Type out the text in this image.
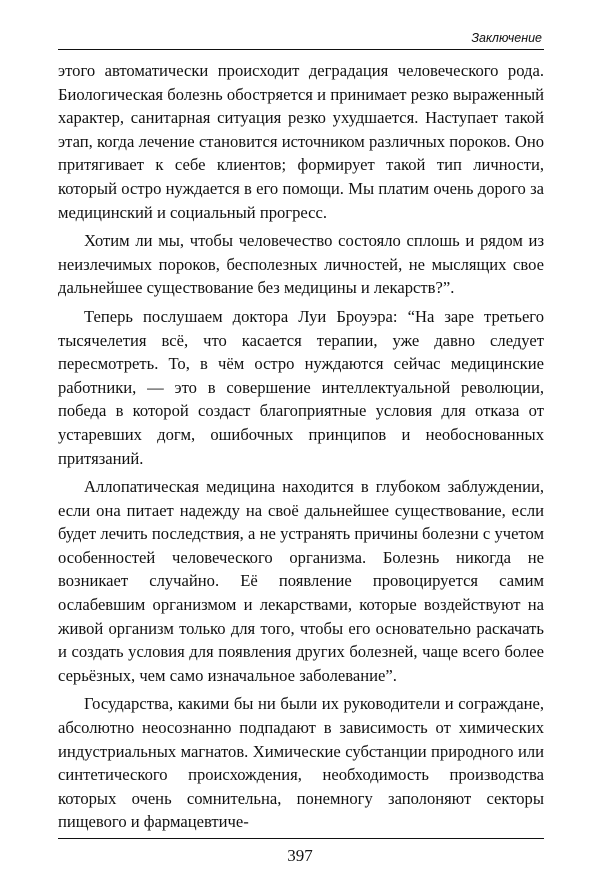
Заключение

этого автоматически происходит деградация человеческого рода. Биологическая болезнь обостряется и принимает резко выраженный характер, санитарная ситуация резко ухудшается. Наступает такой этап, когда лечение становится источником различных пороков. Оно притягивает к себе клиентов; формирует такой тип личности, который остро нуждается в его помощи. Мы платим очень дорого за медицинский и социальный прогресс.

Хотим ли мы, чтобы человечество состояло сплошь и рядом из неизлечимых пороков, бесполезных личностей, не мыслящих свое дальнейшее существование без медицины и лекарств?”.

Теперь послушаем доктора Луи Броуэра: “На заре третьего тысячелетия всё, что касается терапии, уже давно следует пересмотреть. То, в чём остро нуждаются сейчас медицинские работники, — это в совершение интеллектуальной революции, победа в которой создаст благоприятные условия для отказа от устаревших догм, ошибочных принципов и необоснованных притязаний.

Аллопатическая медицина находится в глубоком заблуждении, если она питает надежду на своё дальнейшее существование, если будет лечить последствия, а не устранять причины болезни с учетом особенностей человеческого организма. Болезнь никогда не возникает случайно. Её появление провоцируется самим ослабевшим организмом и лекарствами, которые воздействуют на живой организм только для того, чтобы его основательно раскачать и создать условия для появления других болезней, чаще всего более серьёзных, чем само изначальное заболевание”.

Государства, какими бы ни были их руководители и сограждане, абсолютно неосознанно подпадают в зависимость от химических индустриальных магнатов. Химические субстанции природного или синтетического происхождения, необходимость производства которых очень сомнительна, понемногу заполоняют секторы пищевого и фармацевтиче-

397
